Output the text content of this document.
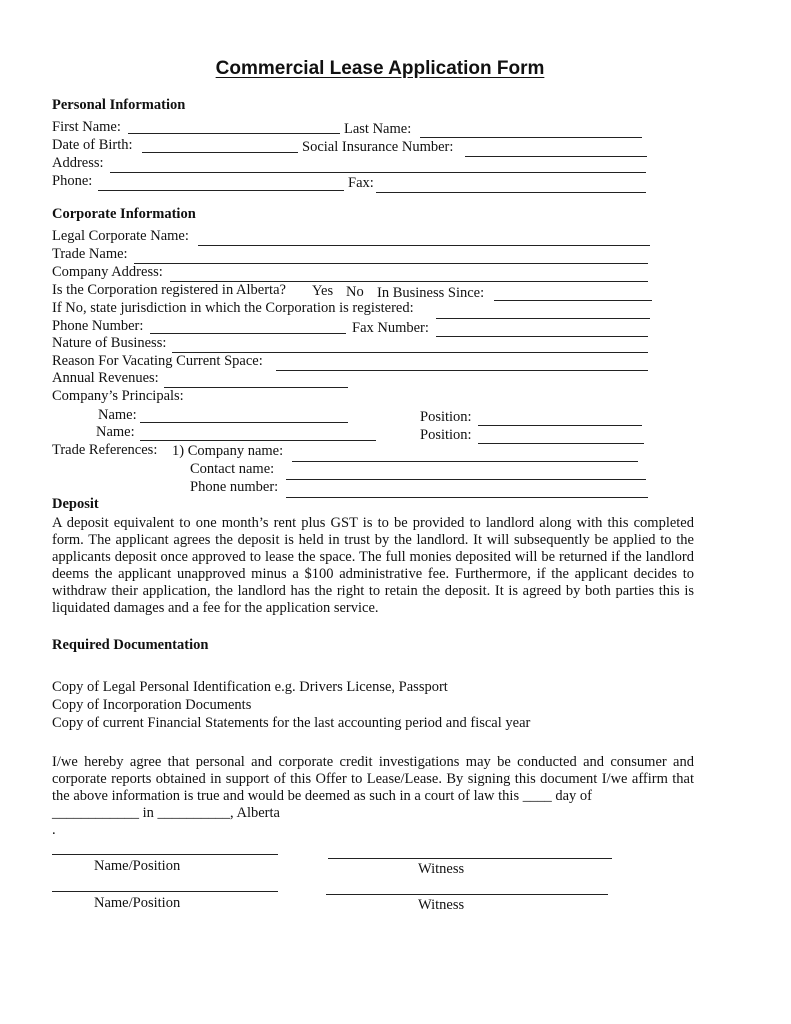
Commercial Lease Application Form
Personal Information
First Name:	Last Name:
Date of Birth:	Social Insurance Number:
Address:
Phone:	Fax:
Corporate Information
Legal Corporate Name:
Trade Name:
Company Address:
Is the Corporation registered in Alberta? Yes No In Business Since:
If No, state jurisdiction in which the Corporation is registered:
Phone Number:	Fax Number:
Nature of Business:
Reason For Vacating Current Space:
Annual Revenues:
Company’s Principals:
Name:	Position:
Name:	Position:
Trade References: 1) Company name:
Contact name:
Phone number:
Deposit
A deposit equivalent to one month’s rent plus GST is to be provided to landlord along with this completed form. The applicant agrees the deposit is held in trust by the landlord. It will subsequently be applied to the applicants deposit once approved to lease the space. The full monies deposited will be returned if the landlord deems the applicant unapproved minus a $100 administrative fee. Furthermore, if the applicant decides to withdraw their application, the landlord has the right to retain the deposit. It is agreed by both parties this is liquidated damages and a fee for the application service.
Required Documentation
Copy of Legal Personal Identification e.g. Drivers License, Passport
Copy of Incorporation Documents
Copy of current Financial Statements for the last accounting period and fiscal year
I/we hereby agree that personal and corporate credit investigations may be conducted and consumer and corporate reports obtained in support of this Offer to Lease/Lease. By signing this document I/we affirm that the above information is true and would be deemed as such in a court of law this ____ day of
____________ in __________, Alberta
.
Name/Position	Witness
Name/Position	Witness
